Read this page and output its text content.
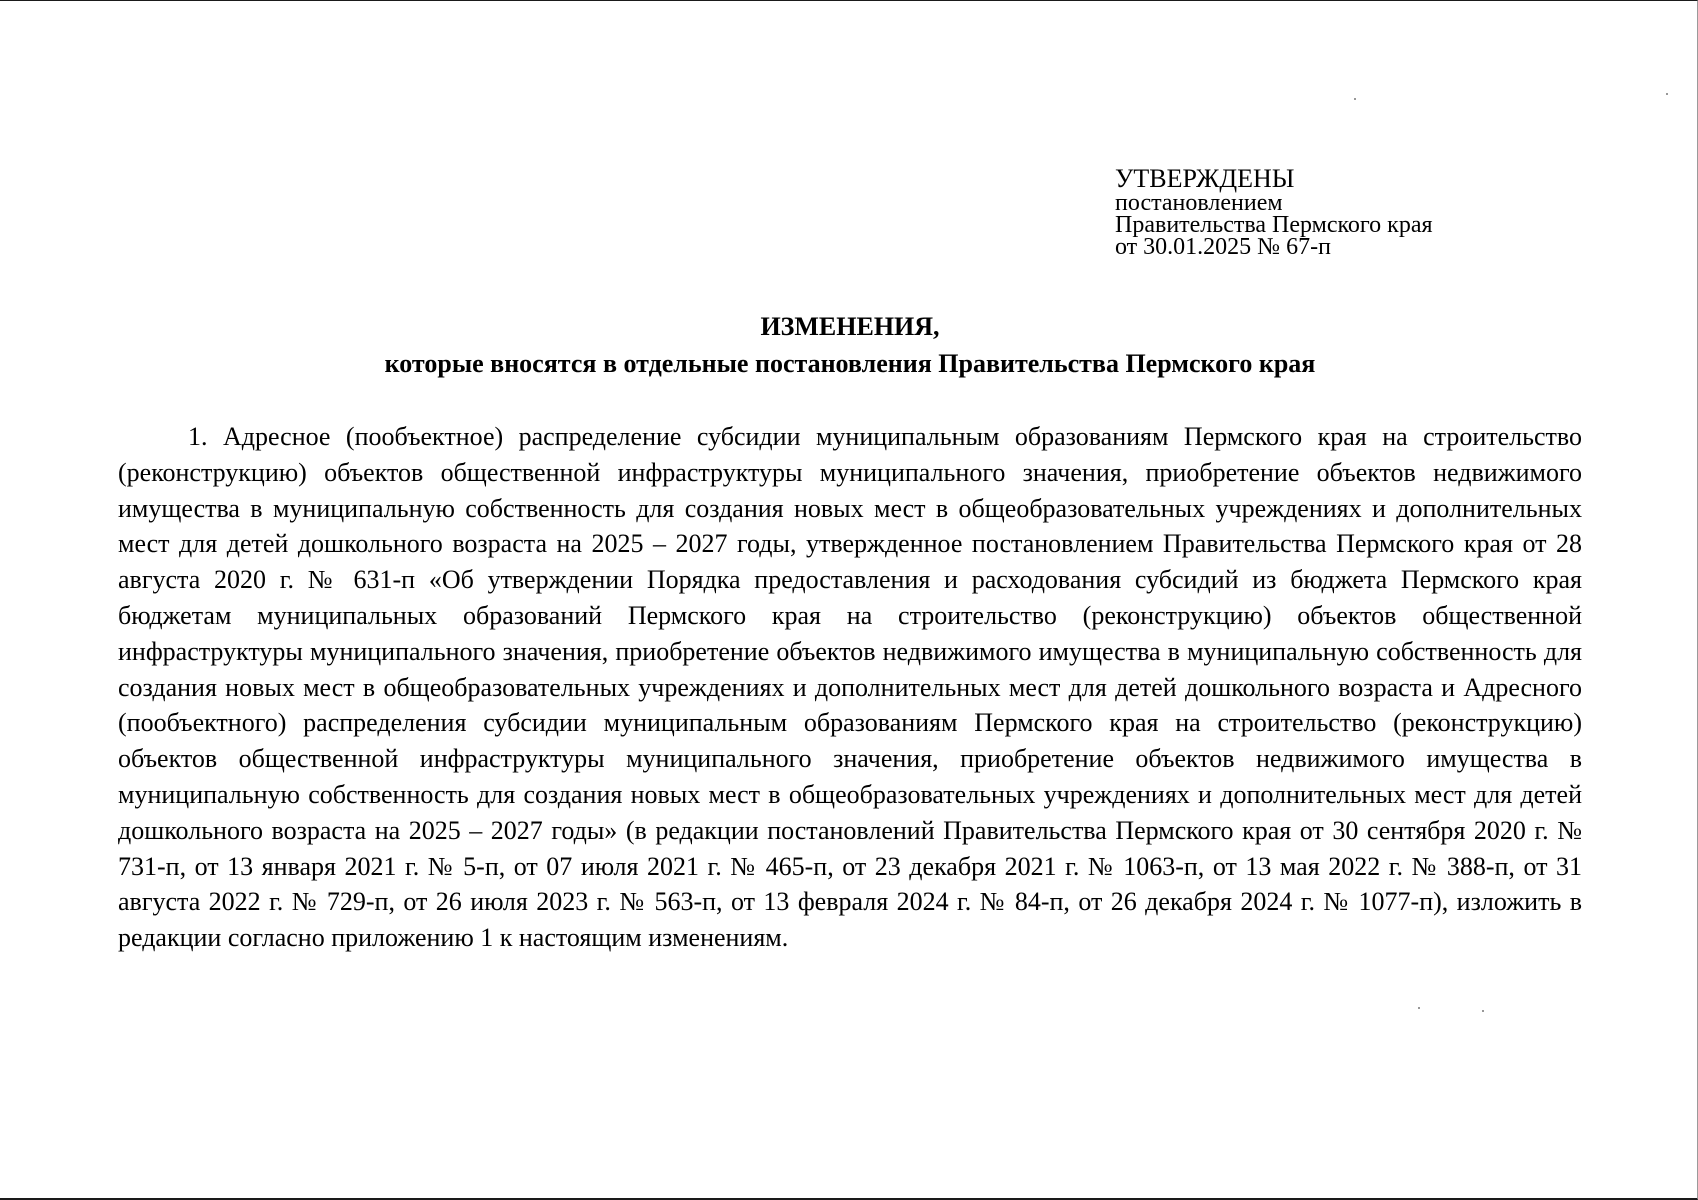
УТВЕРЖДЕНЫ
постановлением
Правительства Пермского края
от 30.01.2025 № 67-п
ИЗМЕНЕНИЯ,
которые вносятся в отдельные постановления Правительства Пермского края

1. Адресное (пообъектное) распределение субсидии муниципальным образованиям Пермского края на строительство (реконструкцию) объектов общественной инфраструктуры муниципального значения, приобретение объектов недвижимого имущества в муниципальную собственность для создания новых мест в общеобразовательных учреждениях и дополнительных мест для детей дошкольного возраста на 2025 – 2027 годы, утвержденное постановлением Правительства Пермского края от 28 августа 2020 г. № 631-п «Об утверждении Порядка предоставления и расходования субсидий из бюджета Пермского края бюджетам муниципальных образований Пермского края на строительство (реконструкцию) объектов общественной инфраструктуры муниципального значения, приобретение объектов недвижимого имущества в муниципальную собственность для создания новых мест в общеобразовательных учреждениях и дополнительных мест для детей дошкольного возраста и Адресного (пообъектного) распределения субсидии муниципальным образованиям Пермского края на строительство (реконструкцию) объектов общественной инфраструктуры муниципального значения, приобретение объектов недвижимого имущества в муниципальную собственность для создания новых мест в общеобразовательных учреждениях и дополнительных мест для детей дошкольного возраста на 2025 – 2027 годы» (в редакции постановлений Правительства Пермского края от 30 сентября 2020 г. № 731-п, от 13 января 2021 г. № 5-п, от 07 июля 2021 г. № 465-п, от 23 декабря 2021 г. № 1063-п, от 13 мая 2022 г. № 388-п, от 31 августа 2022 г. № 729-п, от 26 июля 2023 г. № 563-п, от 13 февраля 2024 г. № 84-п, от 26 декабря 2024 г. № 1077-п), изложить в редакции согласно приложению 1 к настоящим изменениям.
